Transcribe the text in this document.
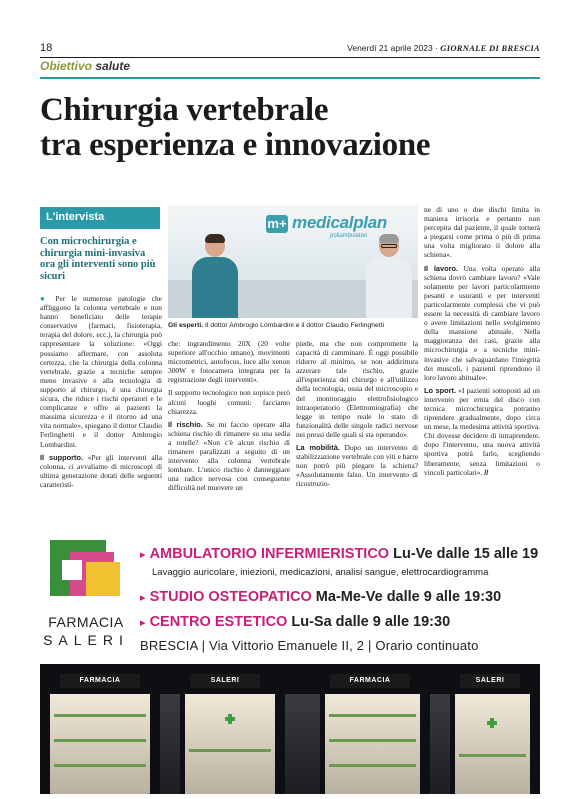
18	Venerdì 21 aprile 2023 · GIORNALE DI BRESCIA
Obiettivo salute
Chirurgia vertebrale
tra esperienza e innovazione
L'intervista
Con microchirurgia e chirurgia mini-invasiva ora gli interventi sono più sicuri
m+ medicalplan
poliambulatori
Gli esperti. Il dottor Ambrogio Lombardini e il dottor Claudio Ferlinghetti

● Per le numerose patologie che affliggono la colonna vertebrale e non hanno beneficiato delle terapie conservative (farmaci, fisioterapia, terapia del dolore, ecc.), la chirurgia può rappresentare la soluzione: «Oggi possiamo affermare, con assoluta certezza, che la chirurgia della colonna vertebrale, grazie a tecniche sempre meno invasive e alla tecnologia di supporto al chirurgo, è una chirurgia sicura, che riduce i rischi operatori e le complicanze e offre ai pazienti la massima sicurezza e il ritorno ad una vita normale», spiegano il dottor Claudio Ferlinghetti e il dottor Ambrogio Lombardini.

Il supporto. «Per gli interventi alla colonna, ci avvaliamo di microscopi di ultima generazione dotati delle seguenti caratteristi-

che: ingrandimento 20X (20 volte superiore all'occhio umano), movimenti micrometrici, autofocus, luce allo xenon 300W e fotocamera integrata per la registrazione degli interventi».

Il supporto tecnologico non sopisce però alcuni luoghi comuni: facciamo chiarezza.

Il rischio. Se mi faccio operare alla schiena rischio di rimanere su una sedia a rotelle? «Non c'è alcun rischio di rimanere paralizzati a seguito di un intervento alla colonna vertebrale lombare. L'unico rischio è danneggiare una radice nervosa con conseguente difficoltà nel muovere un

piede, ma che non compromette la capacità di camminare. È oggi possibile ridurre al minimo, se non addirittura azzerare tale rischio, grazie all'esperienza del chirurgo e all'utilizzo della tecnologia, ossia del microscopio e del monitoraggio elettrofisiologico intraoperatorio (Elettromiografia) che legge in tempo reale lo stato di funzionalità delle singole radici nervose nei pressi delle quali si sta operando».

La mobilità. Dopo un intervento di stabilizzazione vertebrale con viti e barre non potrò più piegare la schiena? «Assolutamente falso. Un intervento di ricostruzio-

ne di uno o due dischi limita in maniera irrisoria e pertanto non percepita dal paziente, il quale tornerà a piegarsi come prima o più di prima una volta migliorato il dolore alla schiena».

Il lavoro. Una volta operato alla schiena dovrò cambiare lavoro? «Vale solamente per lavori particolarmente pesanti e usuranti e per interventi particolarmente complessi che vi può essere la necessità di cambiare lavoro o avere limitazioni nello svolgimento della mansione abituale. Nella maggioranza dei casi, grazie alla microchirurgia e a tecniche mini-invasive che salvaguardano l'integrità dei muscoli, i pazienti riprendono il loro lavoro abituale».

Lo sport. «I pazienti sottoposti ad un intervento per ernia del disco con tecnica microchirurgica potranno riprendere gradualmente, dopo circa un mese, la medesima attività sportiva. Chi dovesse decidere di intraprendere, dopo l'intervento, una nuova attività sportiva potrà farlo, scegliendo liberamente, senza limitazioni o vincoli particolari». //

FARMACIA
SALERI
▸ AMBULATORIO INFERMIERISTICO Lu-Ve dalle 15 alle 19
Lavaggio auricolare, iniezioni, medicazioni, analisi sangue, elettrocardiogramma
▸ STUDIO OSTEOPATICO Ma-Me-Ve dalle 9 alle 19:30
▸ CENTRO ESTETICO Lu-Sa dalle 9 alle 19:30
BRESCIA | Via Vittorio Emanuele II, 2 | Orario continuato
FARMACIA	SALERI	FARMACIA	SALERI
